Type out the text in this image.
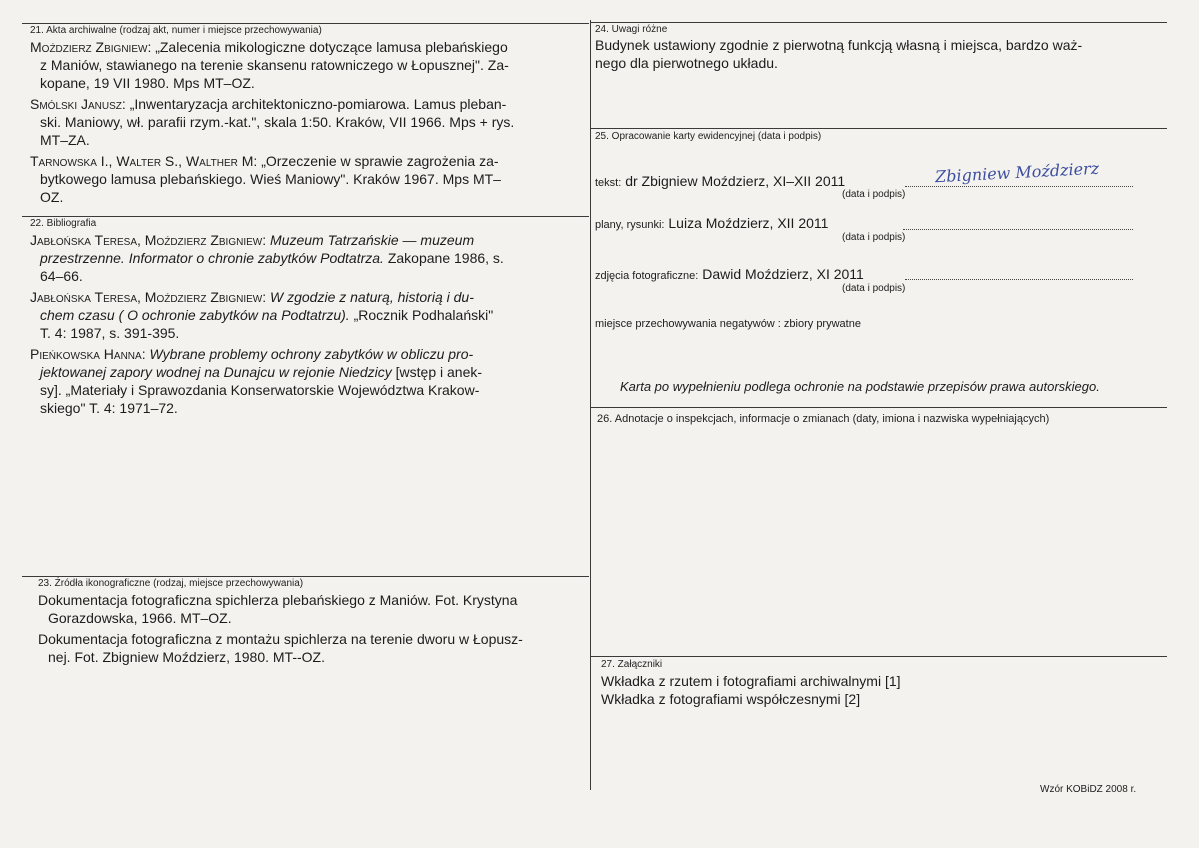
21. Akta archiwalne (rodzaj akt, numer i miejsce przechowywania)
Moździerz Zbigniew: „Zalecenia mikologiczne dotyczące lamusa plebańskiego
z Maniów, stawianego na terenie skansenu ratowniczego w Łopusznej". Za-
kopane, 19 VII 1980. Mps MT–OZ.
Smólski Janusz: „Inwentaryzacja architektoniczno-pomiarowa. Lamus pleban-
ski. Maniowy, wł. parafii rzym.-kat.", skala 1:50. Kraków, VII 1966. Mps + rys.
MT–ZA.
Tarnowska I., Walter S., Walther M: „Orzeczenie w sprawie zagrożenia za-
bytkowego lamusa plebańskiego. Wieś Maniowy". Kraków 1967. Mps MT–
OZ.
22. Bibliografia
Jabłońska Teresa, Moździerz Zbigniew: Muzeum Tatrzańskie — muzeum
przestrzenne. Informator o chronie zabytków Podtatrza. Zakopane 1986, s.
64–66.
Jabłońska Teresa, Moździerz Zbigniew: W zgodzie z naturą, historią i du-
chem czasu ( O ochronie zabytków na Podtatrzu). „Rocznik Podhalański"
T. 4: 1987, s. 391-395.
Pieńkowska Hanna: Wybrane problemy ochrony zabytków w obliczu pro-
jektowanej zapory wodnej na Dunajcu w rejonie Niedzicy [wstęp i anek-
sy]. „Materiały i Sprawozdania Konserwatorskie Województwa Krakow-
skiego" T. 4: 1971–72.
23. Źródła ikonograficzne (rodzaj, miejsce przechowywania)
Dokumentacja fotograficzna spichlerza plebańskiego z Maniów. Fot. Krystyna
Gorazdowska, 1966. MT–OZ.
Dokumentacja fotograficzna z montażu spichlerza na terenie dworu w Łopusz-
nej. Fot. Zbigniew Moździerz, 1980. MT--OZ.
24. Uwagi różne
Budynek ustawiony zgodnie z pierwotną funkcją własną i miejsca, bardzo waż-
nego dla pierwotnego układu.
25. Opracowanie karty ewidencyjnej (data i podpis)
tekst: dr Zbigniew Moździerz, XI–XII 2011	Zbigniew Moździerz
(data i podpis)
plany, rysunki: Luiza Moździerz, XII 2011
(data i podpis)
zdjęcia fotograficzne: Dawid Moździerz, XI 2011
(data i podpis)
miejsce przechowywania negatywów : zbiory prywatne
Karta po wypełnieniu podlega ochronie na podstawie przepisów prawa autorskiego.
26. Adnotacje o inspekcjach, informacje o zmianach (daty, imiona i nazwiska wypełniających)
27. Załączniki
Wkładka z rzutem i fotografiami archiwalnymi [1]
Wkładka z fotografiami współczesnymi [2]
Wzór KOBiDZ 2008 r.
